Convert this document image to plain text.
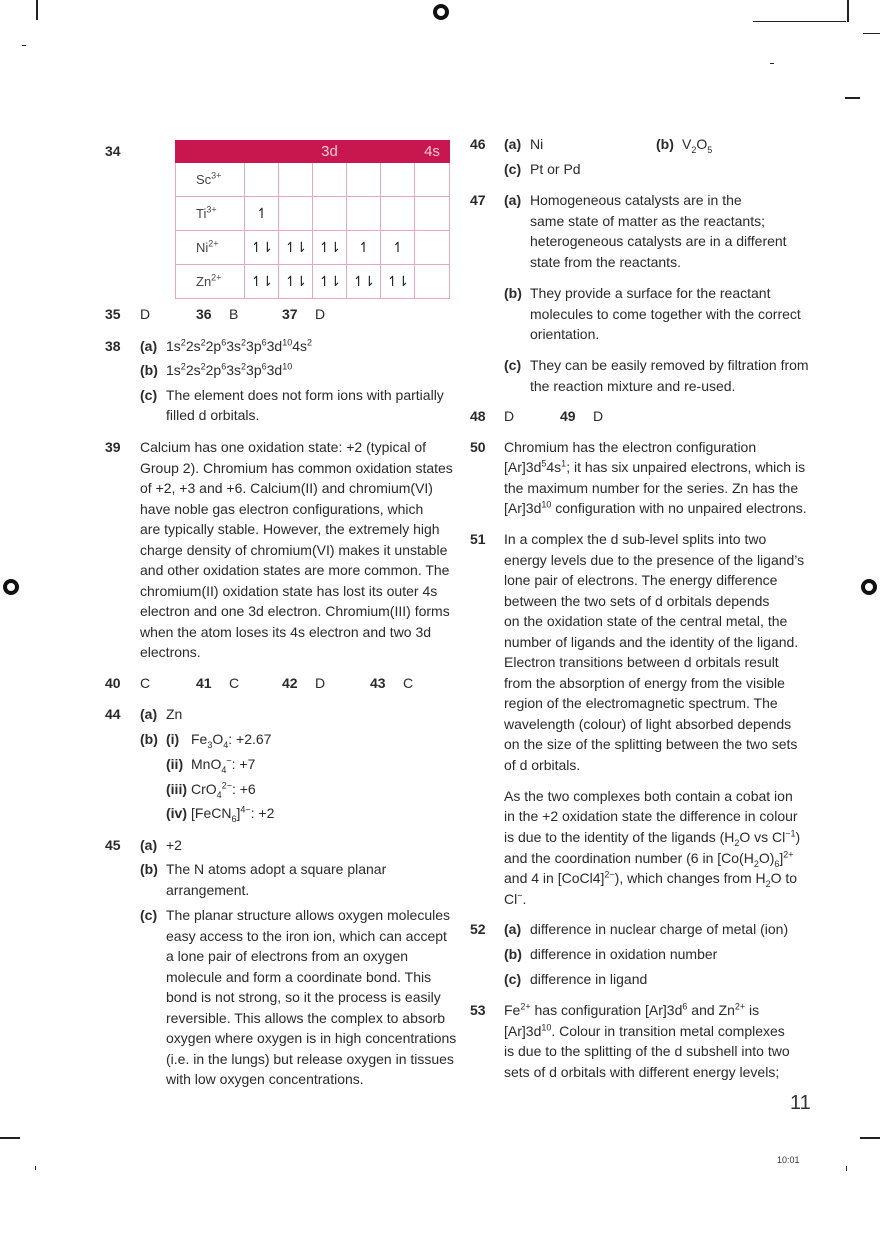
34
		3d					4s
$Sc^{3+}$						
$Ti^{3+}$	↿					
$Ni^{2+}$	↿⇂	↿⇂	↿⇂	↿	↿	
$Zn^{2+}$	↿⇂	↿⇂	↿⇂	↿⇂	↿⇂	
35 D	36 B	37 D
38 (a) $1s^22s^22p^63s^23p^63d^{10}4s^2$
(b) $1s^22s^22p^63s^23p^63d^{10}$
(c) The element does not form ions with partially
filled d orbitals.
39 Calcium has one oxidation state: +2 (typical of
Group 2). Chromium has common oxidation states
of +2, +3 and +6. Calcium(II) and chromium(VI)
have noble gas electron configurations, which
are typically stable. However, the extremely high
charge density of chromium(VI) makes it unstable
and other oxidation states are more common. The
chromium(II) oxidation state has lost its outer 4s
electron and one 3d electron. Chromium(III) forms
when the atom loses its 4s electron and two 3d
electrons.
40 C	41 C	42 D	43 C
44 (a) Zn
(b) (i) $Fe_3O_4$: +2.67
(ii) MnO$_4$−: +7
(iii) CrO$_4^{2-}$: +6
(iv) [FeCN$_6$]$^{4-}$: +2
45 (a) +2
(b) The N atoms adopt a square planar
arrangement.
(c) The planar structure allows oxygen molecules
easy access to the iron ion, which can accept
a lone pair of electrons from an oxygen
molecule and form a coordinate bond. This
bond is not strong, so it the process is easily
reversible. This allows the complex to absorb
oxygen where oxygen is in high concentrations
(i.e. in the lungs) but release oxygen in tissues
with low oxygen concentrations.
46 (a) Ni	(b) $V_2O_5$
(c) Pt or Pd
47 (a) Homogeneous catalysts are in the
same state of matter as the reactants;
heterogeneous catalysts are in a different
state from the reactants.
(b) They provide a surface for the reactant
molecules to come together with the correct
orientation.
(c) They can be easily removed by filtration from
the reaction mixture and re-used.
48 D	49 D
50 Chromium has the electron configuration
$[Ar]3d^54s^1$; it has six unpaired electrons, which is
the maximum number for the series. Zn has the
$[Ar]3d^{10}$ configuration with no unpaired electrons.
51 In a complex the d sub-level splits into two
energy levels due to the presence of the ligand’s
lone pair of electrons. The energy difference
between the two sets of d orbitals depends
on the oxidation state of the central metal, the
number of ligands and the identity of the ligand.
Electron transitions between d orbitals result
from the absorption of energy from the visible
region of the electromagnetic spectrum. The
wavelength (colour) of light absorbed depends
on the size of the splitting between the two sets
of d orbitals.
As the two complexes both contain a cobat ion
in the +2 oxidation state the difference in colour
is due to the identity of the ligands ($H_2O$ vs $Cl^{-1}$)
and the coordination number (6 in $[Co(H_2O)_6]^{2+}$
and 4 in [CoCl4]$^{2-}$), which changes from $H_2O$ to
Cl−.
52 (a) difference in nuclear charge of metal (ion)
(b) difference in oxidation number
(c) difference in ligand
53 $Fe^{2+}$ has configuration $[Ar]3d^6$ and $Zn^{2+}$ is
$[Ar]3d^{10}$. Colour in transition metal complexes
is due to the splitting of the d subshell into two
sets of d orbitals with different energy levels;
11
10:01
